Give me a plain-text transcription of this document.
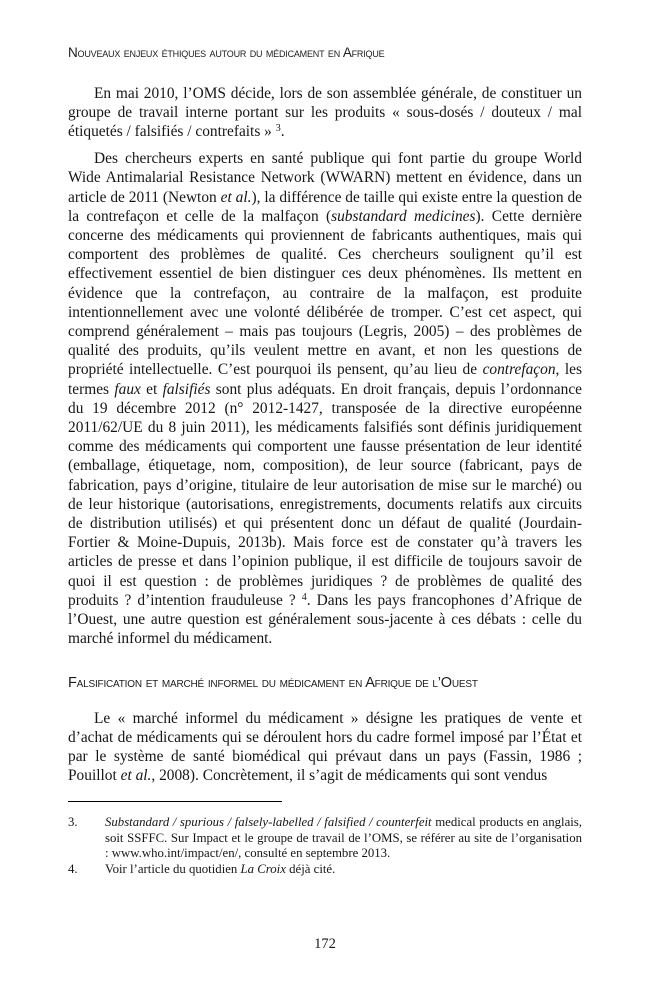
Nouveaux enjeux éthiques autour du médicament en Afrique

En mai 2010, l’OMS décide, lors de son assemblée générale, de constituer un groupe de travail interne portant sur les produits « sous-dosés / douteux / mal étiquetés / falsifiés / contrefaits » $^3$.

Des chercheurs experts en santé publique qui font partie du groupe World Wide Antimalarial Resistance Network (WWARN) mettent en évidence, dans un article de 2011 (Newton et al.), la différence de taille qui existe entre la question de la contrefaçon et celle de la malfaçon (substandard medicines). Cette dernière concerne des médicaments qui proviennent de fabricants authentiques, mais qui comportent des problèmes de qualité. Ces chercheurs soulignent qu’il est effectivement essentiel de bien distinguer ces deux phénomènes. Ils mettent en évidence que la contrefaçon, au contraire de la malfaçon, est produite intentionnellement avec une volonté délibérée de tromper. C’est cet aspect, qui comprend généralement – mais pas toujours (Legris, 2005) – des problèmes de qualité des produits, qu’ils veulent mettre en avant, et non les questions de propriété intellectuelle. C’est pourquoi ils pensent, qu’au lieu de contrefaçon, les termes faux et falsifiés sont plus adéquats. En droit français, depuis l’ordonnance du 19 décembre 2012 (n° 2012-1427, transposée de la directive européenne 2011/62/UE du 8 juin 2011), les médicaments falsifiés sont définis juridiquement comme des médicaments qui comportent une fausse présentation de leur identité (emballage, étiquetage, nom, composition), de leur source (fabricant, pays de fabrication, pays d’origine, titulaire de leur autorisation de mise sur le marché) ou de leur historique (autorisations, enregistrements, documents relatifs aux circuits de distribution utilisés) et qui présentent donc un défaut de qualité (Jourdain-Fortier & Moine-Dupuis, 2013b). Mais force est de constater qu’à travers les articles de presse et dans l’opinion publique, il est difficile de toujours savoir de quoi il est question : de problèmes juridiques ? de problèmes de qualité des produits ? d’intention frauduleuse ? $^4$. Dans les pays francophones d’Afrique de l’Ouest, une autre question est généralement sous-jacente à ces débats : celle du marché informel du médicament.

Falsification et marché informel du médicament en Afrique de l’Ouest

Le « marché informel du médicament » désigne les pratiques de vente et d’achat de médicaments qui se déroulent hors du cadre formel imposé par l’État et par le système de santé biomédical qui prévaut dans un pays (Fassin, 1986 ; Pouillot et al., 2008). Concrètement, il s’agit de médicaments qui sont vendus

3.	Substandard / spurious / falsely-labelled / falsified / counterfeit medical products en anglais, soit SSFFC. Sur Impact et le groupe de travail de l’OMS, se référer au site de l’organisation : www.who.int/impact/en/, consulté en septembre 2013.
4.	Voir l’article du quotidien La Croix déjà cité.
172
